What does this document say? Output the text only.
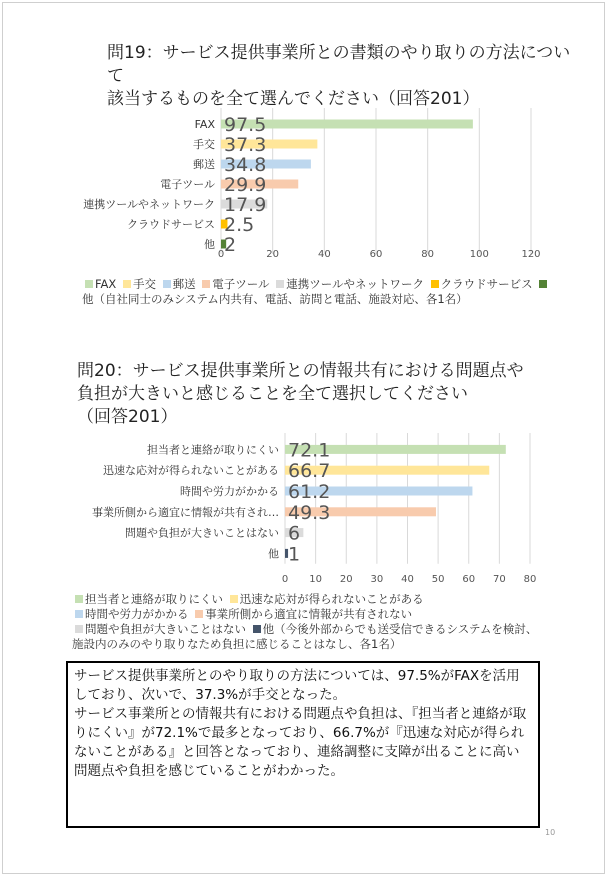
問19：サービス提供事業所との書類のやり取りの方法について
該当するものを全て選んでください（回答201）
0	20	40	60	80	100	120
FAX 97.5
手交 37.3
郵送 34.8
電子ツール 29.9
連携ツールやネットワーク 17.9
クラウドサービス 2.5
他 2
FAX 手交 郵送 電子ツール 連携ツールやネットワーク クラウドサービス 他（自社同士のみシステム内共有、電話、訪問と電話、施設対応、各1名）
問20：サービス提供事業所との情報共有における問題点や
負担が大きいと感じることを全て選択してください
（回答201）
0 10 20 30 40 50 60 70 80
担当者と連絡が取りにくい 72.1
迅速な応対が得られないことがある 66.7
時間や労力がかかる 61.2
事業所側から適宜に情報が共有され… 49.3
問題や負担が大きいことはない 6
他 1
担当者と連絡が取りにくい 迅速な応対が得られないことがある 時間や労力がかかる 事業所側から適宜に情報が共有されない 問題や負担が大きいことはない 他（今後外部からでも送受信できるシステムを検討、施設内のみのやり取りなため負担に感じることはなし、各1名）

サービス提供事業所とのやり取りの方法については、97.5%がFAXを活用しており、次いで、37.3%が手交となった。

サービス事業所との情報共有における問題点や負担は、『担当者と連絡が取りにくい』が72.1%で最多となっており、66.7%が『迅速な対応が得られないことがある』と回答となっており、連絡調整に支障が出ることに高い問題点や負担を感じていることがわかった。

10
